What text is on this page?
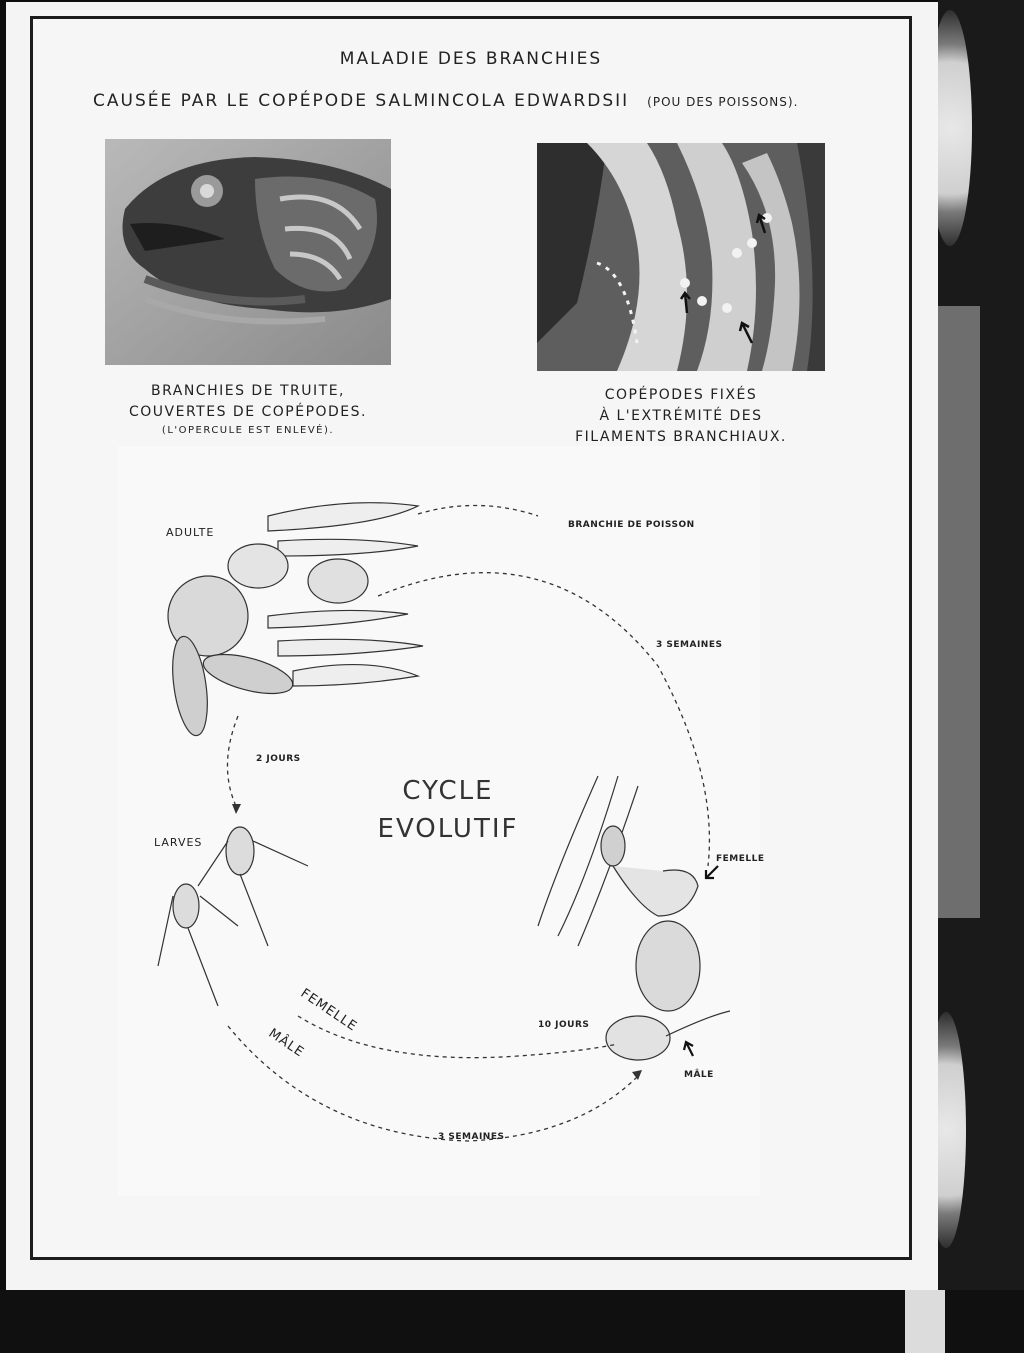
MALADIE DES BRANCHIES
CAUSÉE PAR LE COPÉPODE SALMINCOLA EDWARDSII (POU DES POISSONS).
BRANCHIES DE TRUITE,
COUVERTES DE COPÉPODES.
(L'OPERCULE EST ENLEVÉ).
COPÉPODES FIXÉS
À L'EXTRÉMITÉ DES
FILAMENTS BRANCHIAUX.
ADULTE
BRANCHIE DE POISSON
3 SEMAINES
2 JOURS
CYCLE
EVOLUTIF
LARVES
FEMELLE
FEMELLE
MÂLE
10 JOURS
MÂLE
3 SEMAINES
